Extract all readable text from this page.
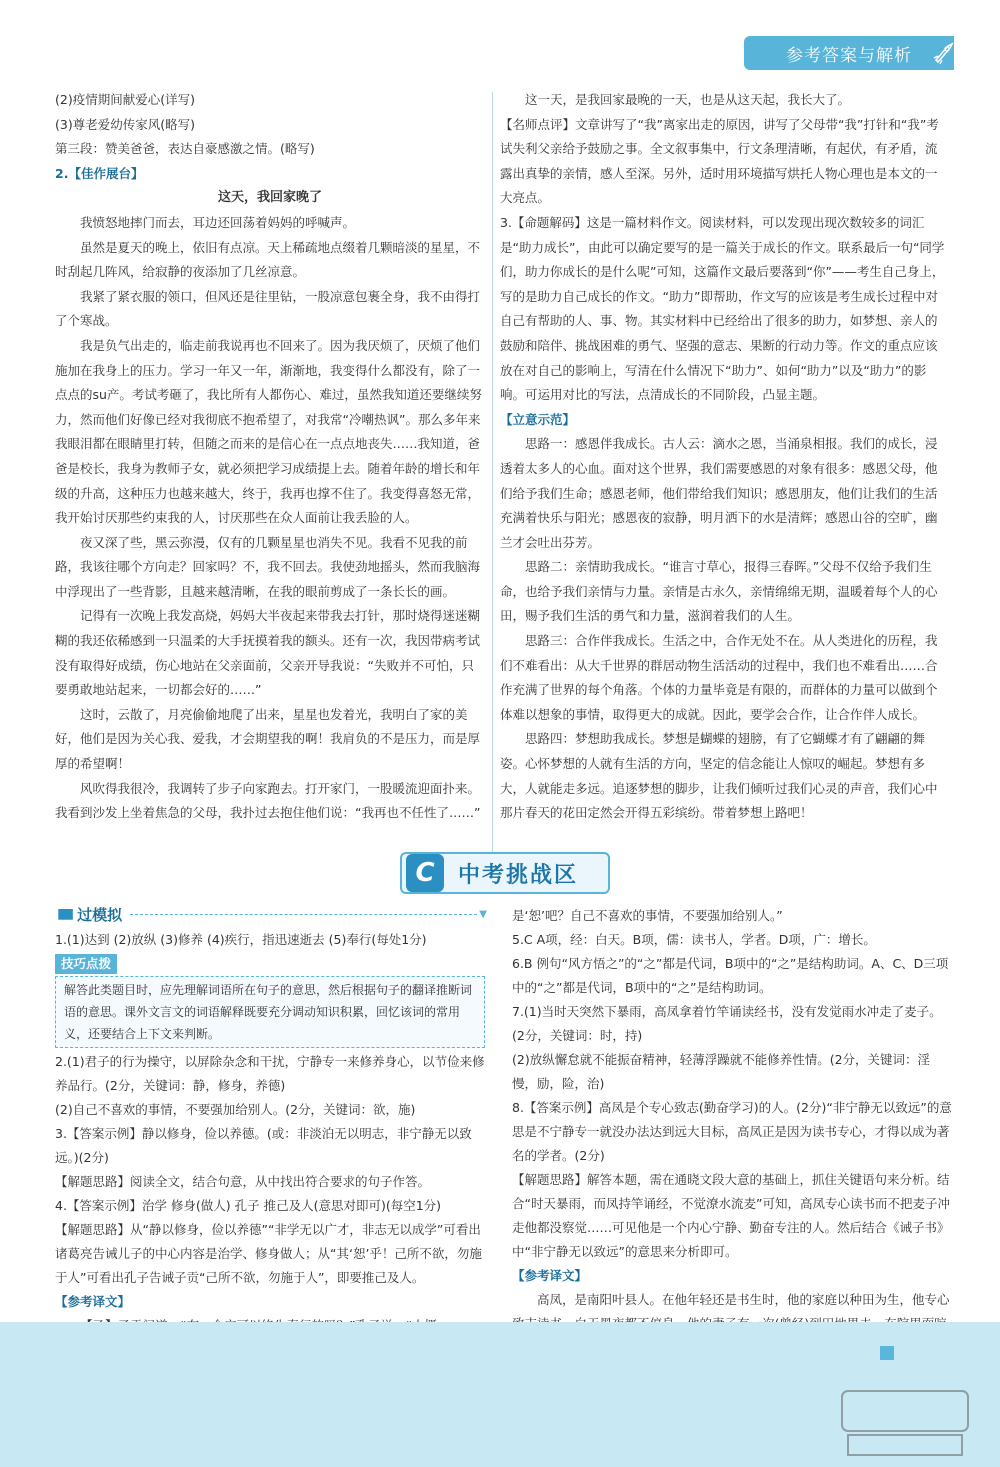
参考答案与解析

(2)疫情期间献爱心(详写)

(3)尊老爱幼传家风(略写)

第三段：赞美爸爸，表达自豪感激之情。(略写)

2.【佳作展台】

这天，我回家晚了

我愤怒地摔门而去，耳边还回荡着妈妈的呼喊声。

虽然是夏天的晚上，依旧有点凉。天上稀疏地点缀着几颗暗淡的星星，不时刮起几阵风，给寂静的夜添加了几丝凉意。

我紧了紧衣服的领口，但风还是往里钻，一股凉意包裹全身，我不由得打了个寒战。

我是负气出走的，临走前我说再也不回来了。因为我厌烦了，厌烦了他们施加在我身上的压力。学习一年又一年，渐渐地，我变得什么都没有，除了一点点的su产。考试考砸了，我比所有人都伤心、难过，虽然我知道还要继续努力，然而他们好像已经对我彻底不抱希望了，对我常“冷嘲热讽”。那么多年来我眼泪都在眼睛里打转，但随之而来的是信心在一点点地丧失……我知道，爸爸是校长，我身为教师子女，就必须把学习成绩提上去。随着年龄的增长和年级的升高，这种压力也越来越大，终于，我再也撑不住了。我变得喜怒无常，我开始讨厌那些约束我的人，讨厌那些在众人面前让我丢脸的人。

夜又深了些，黑云弥漫，仅有的几颗星星也消失不见。我看不见我的前路，我该往哪个方向走？回家吗？不，我不回去。我使劲地摇头，然而我脑海中浮现出了一些背影，且越来越清晰，在我的眼前剪成了一条长长的画。

记得有一次晚上我发高烧，妈妈大半夜起来带我去打针，那时烧得迷迷糊糊的我还依稀感到一只温柔的大手抚摸着我的额头。还有一次，我因带病考试没有取得好成绩，伤心地站在父亲面前，父亲开导我说：“失败并不可怕，只要勇敢地站起来，一切都会好的……”

这时，云散了，月亮偷偷地爬了出来，星星也发着光，我明白了家的美好，他们是因为关心我、爱我，才会期望我的啊！我肩负的不是压力，而是厚厚的希望啊！

风吹得我很冷，我调转了步子向家跑去。打开家门，一股暖流迎面扑来。我看到沙发上坐着焦急的父母，我扑过去抱住他们说：“我再也不任性了……”

这一天，是我回家最晚的一天，也是从这天起，我长大了。

【名师点评】文章讲写了“我”离家出走的原因，讲写了父母带“我”打针和“我”考试失利父亲给予鼓励之事。全文叙事集中，行文条理清晰，有起伏，有矛盾，流露出真挚的亲情，感人至深。另外，适时用环境描写烘托人物心理也是本文的一大亮点。

3.【命题解码】这是一篇材料作文。阅读材料，可以发现出现次数较多的词汇是“助力成长”，由此可以确定要写的是一篇关于成长的作文。联系最后一句“同学们，助力你成长的是什么呢”可知，这篇作文最后要落到“你”——考生自己身上，写的是助力自己成长的作文。“助力”即帮助，作文写的应该是考生成长过程中对自己有帮助的人、事、物。其实材料中已经给出了很多的助力，如梦想、亲人的鼓励和陪伴、挑战困难的勇气、坚强的意志、果断的行动力等。作文的重点应该放在对自己的影响上，写清在什么情况下“助力”、如何“助力”以及“助力”的影响。可运用对比的写法，点清成长的不同阶段，凸显主题。

【立意示范】

思路一：感恩伴我成长。古人云：滴水之恩，当涌泉相报。我们的成长，浸透着太多人的心血。面对这个世界，我们需要感恩的对象有很多：感恩父母，他们给予我们生命；感恩老师，他们带给我们知识；感恩朋友，他们让我们的生活充满着快乐与阳光；感恩夜的寂静，明月洒下的水是清辉；感恩山谷的空旷，幽兰才会吐出芬芳。

思路二：亲情助我成长。“谁言寸草心，报得三春晖。”父母不仅给予我们生命，也给予我们亲情与力量。亲情是古永久，亲情绵绵无期，温暖着每个人的心田，赐予我们生活的勇气和力量，滋润着我们的人生。

思路三：合作伴我成长。生活之中，合作无处不在。从人类进化的历程，我们不难看出：从大千世界的群居动物生活活动的过程中，我们也不难看出……合作充满了世界的每个角落。个体的力量毕竟是有限的，而群体的力量可以做到个体难以想象的事情，取得更大的成就。因此，要学会合作，让合作伴人成长。

思路四：梦想助我成长。梦想是蝴蝶的翅膀，有了它蝴蝶才有了翩翩的舞姿。心怀梦想的人就有生活的方向，坚定的信念能让人惊叹的崛起。梦想有多大，人就能走多远。追逐梦想的脚步，让我们倾听过我们心灵的声音，我们心中那片春天的花田定然会开得五彩缤纷。带着梦想上路吧！

C	中考挑战区
▮▮▮ 过模拟	▼

1.(1)达到 (2)放纵 (3)修养 (4)疾行，指迅速逝去 (5)奉行(每处1分)

技巧点拨
解答此类题目时，应先理解词语所在句子的意思，然后根据句子的翻译推断词语的意思。课外文言文的词语解释既要充分调动知识积累，回忆该词的常用义，还要结合上下文来判断。

2.(1)君子的行为操守，以屏除杂念和干扰，宁静专一来修养身心，以节俭来修养品行。(2分，关键词：静，修身，养德)

(2)自己不喜欢的事情，不要强加给别人。(2分，关键词：欲，施)

3.【答案示例】静以修身，俭以养德。(或：非淡泊无以明志，非宁静无以致远。)(2分)

【解题思路】阅读全文，结合句意，从中找出符合要求的句子作答。

4.【答案示例】治学 修身(做人) 孔子 推己及人(意思对即可)(每空1分)

【解题思路】从“静以修身，俭以养德”“非学无以广才，非志无以成学”可看出诸葛亮告诫儿子的中心内容是治学、修身做人；从“其‘恕’乎！己所不欲，勿施于人”可看出孔子告诫子贡“己所不欲，勿施于人”，即要推己及人。

【参考译文】

是‘恕’吧？自己不喜欢的事情，不要强加给别人。”

5.C A项，经：白天。B项，儒：读书人，学者。D项，广：增长。

6.B 例句“风方悟之”的“之”都是代词，B项中的“之”是结构助词。A、C、D三项中的“之”都是代词，B项中的“之”是结构助词。

7.(1)当时天突然下暴雨，高凤拿着竹竿诵读经书，没有发觉雨水冲走了麦子。(2分，关键词：时，持)

(2)放纵懈怠就不能振奋精神，轻薄浮躁就不能修养性情。(2分，关键词：淫慢，励，险，治)

8.【答案示例】高凤是个专心致志(勤奋学习)的人。(2分)“非宁静无以致远”的意思是不宁静专一就没办法达到远大目标，高凤正是因为读书专心，才得以成为著名的学者。(2分)

【解题思路】解答本题，需在通晓文段大意的基础上，抓住关键语句来分析。结合“时天暴雨，而凤持竿诵经，不觉潦水流麦”可知，高凤专心读书而不把麦子冲走他都没察觉……可见他是一个内心宁静、勤奋专注的人。然后结合《诫子书》中“非宁静无以致远”的意思来分析即可。

【参考译文】

高凤，是南阳叶县人。在他年轻还是书生时，他的家庭以种田为生，他专心
